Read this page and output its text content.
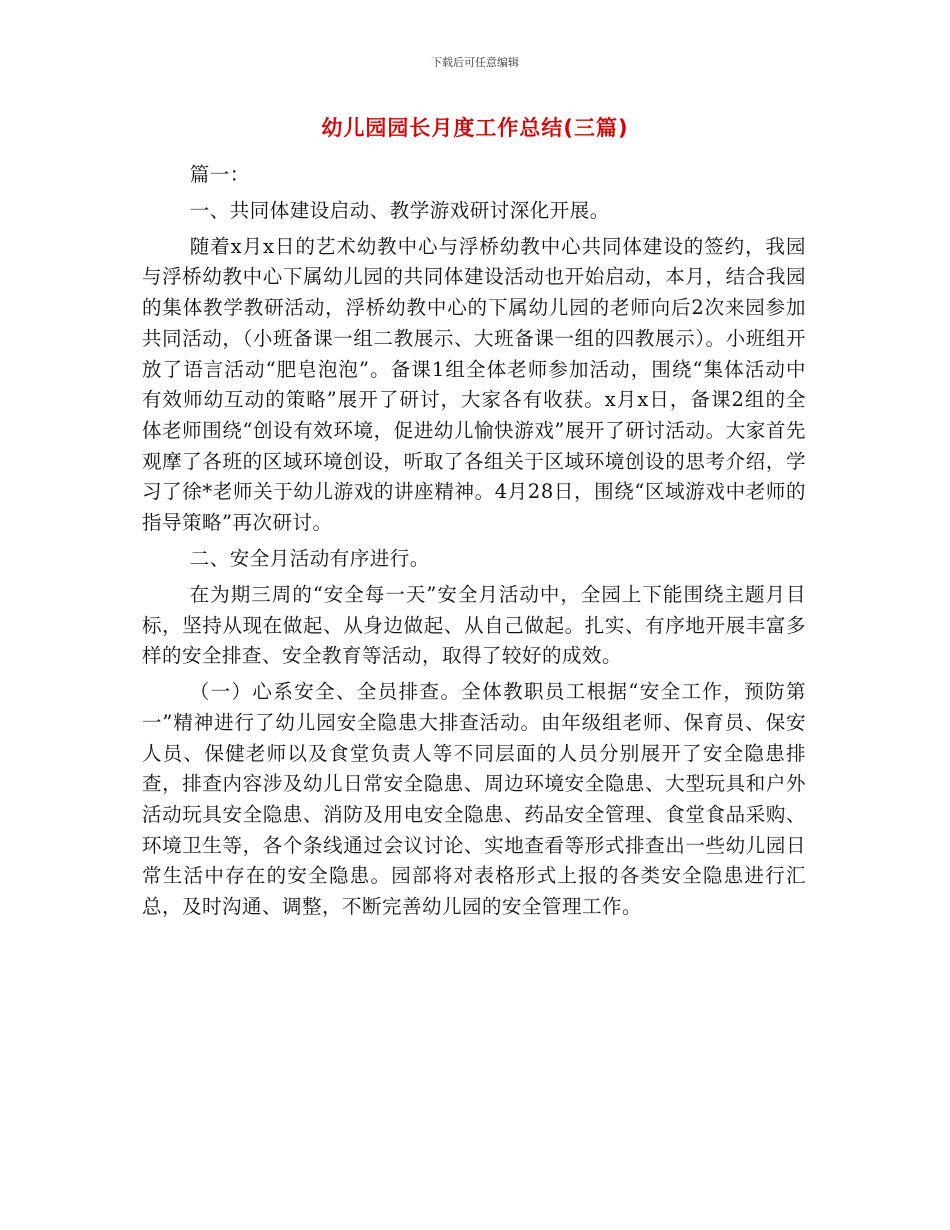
下载后可任意编辑
幼儿园园长月度工作总结(三篇)

篇一：

一、共同体建设启动、教学游戏研讨深化开展。

随着x月x日的艺术幼教中心与浮桥幼教中心共同体建设的签约，我园与浮桥幼教中心下属幼儿园的共同体建设活动也开始启动，本月，结合我园的集体教学教研活动，浮桥幼教中心的下属幼儿园的老师向后2次来园参加共同活动，（小班备课一组二教展示、大班备课一组的四教展示）。小班组开放了语言活动“肥皂泡泡”。备课1组全体老师参加活动，围绕“集体活动中有效师幼互动的策略”展开了研讨，大家各有收获。x月x日，备课2组的全体老师围绕“创设有效环境，促进幼儿愉快游戏”展开了研讨活动。大家首先观摩了各班的区域环境创设，听取了各组关于区域环境创设的思考介绍，学习了徐*老师关于幼儿游戏的讲座精神。4月28日，围绕“区域游戏中老师的指导策略”再次研讨。

二、安全月活动有序进行。

在为期三周的“安全每一天”安全月活动中，全园上下能围绕主题月目标，坚持从现在做起、从身边做起、从自己做起。扎实、有序地开展丰富多样的安全排查、安全教育等活动，取得了较好的成效。

（一）心系安全、全员排查。全体教职员工根据“安全工作，预防第一”精神进行了幼儿园安全隐患大排查活动。由年级组老师、保育员、保安人员、保健老师以及食堂负责人等不同层面的人员分别展开了安全隐患排查，排查内容涉及幼儿日常安全隐患、周边环境安全隐患、大型玩具和户外活动玩具安全隐患、消防及用电安全隐患、药品安全管理、食堂食品采购、环境卫生等，各个条线通过会议讨论、实地查看等形式排查出一些幼儿园日常生活中存在的安全隐患。园部将对表格形式上报的各类安全隐患进行汇总，及时沟通、调整，不断完善幼儿园的安全管理工作。
